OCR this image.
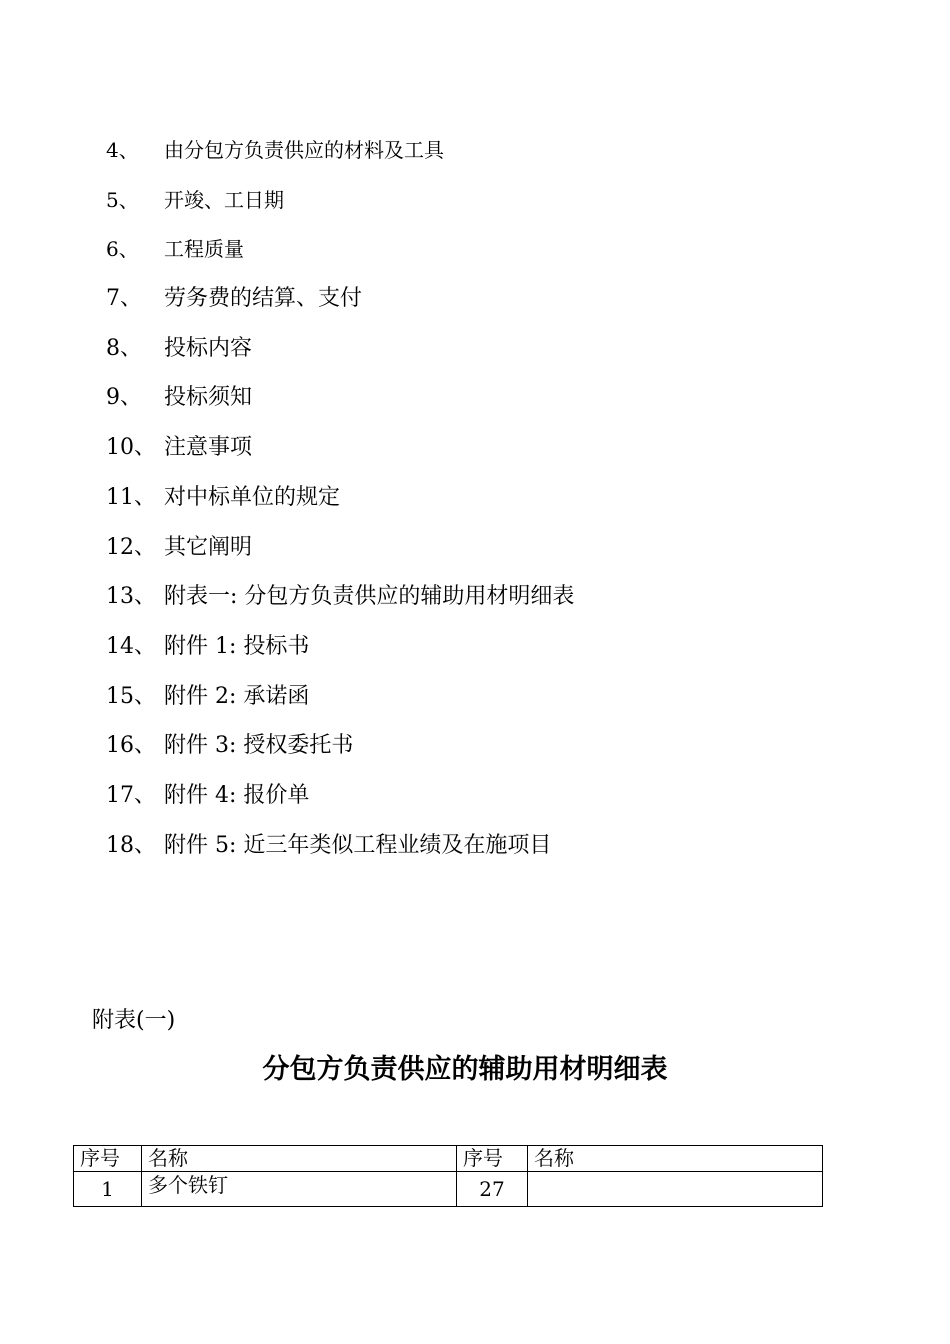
4、 由分包方负责供应的材料及工具
5、 开竣、工日期
6、 工程质量
7、 劳务费的结算、支付
8、 投标内容
9、 投标须知
10、 注意事项
11、 对中标单位的规定
12、 其它阐明
13、 附表一: 分包方负责供应的辅助用材明细表
14、 附件 1: 投标书
15、 附件 2: 承诺函
16、 附件 3: 授权委托书
17、 附件 4: 报价单
18、 附件 5: 近三年类似工程业绩及在施项目
附表(一)
分包方负责供应的辅助用材明细表
序号	名称	序号	名称
1	多个铁钉	27	
